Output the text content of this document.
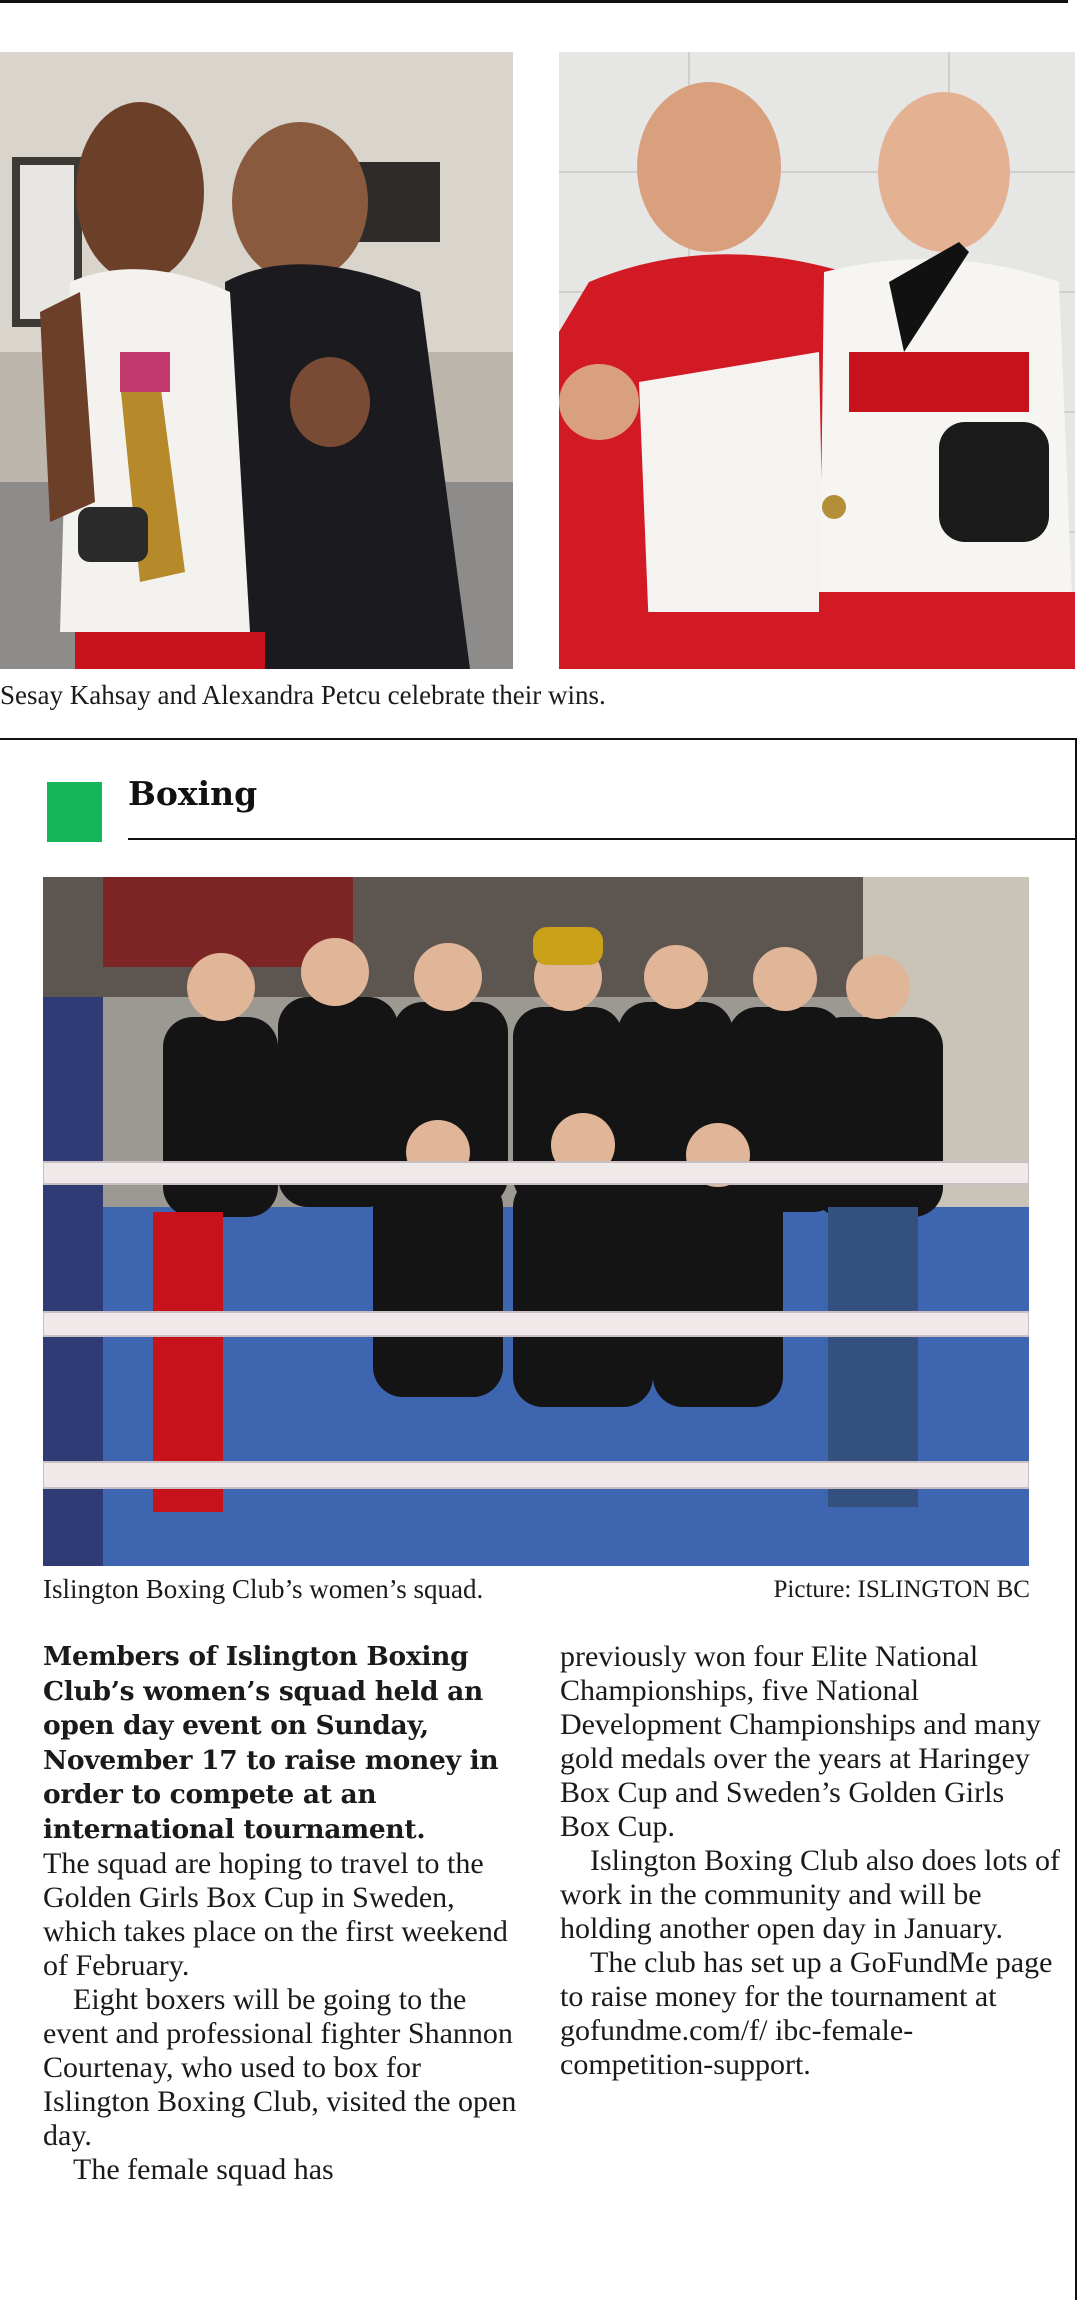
Sesay Kahsay and Alexandra Petcu celebrate their wins.
Boxing
Islington Boxing Club’s women’s squad.	Picture: ISLINGTON BC

Members of Islington Boxing Club’s women’s squad held an open day event on Sunday, November 17 to raise money in order to compete at an international tournament.

The squad are hoping to travel to the Golden Girls Box Cup in Sweden, which takes place on the first weekend of February.

Eight boxers will be going to the event and professional fighter Shannon Courtenay, who used to box for Islington Boxing Club, visited the open day.

The female squad has

previously won four Elite National Championships, five National Development Championships and many gold medals over the years at Haringey Box Cup and Sweden’s Golden Girls Box Cup.

Islington Boxing Club also does lots of work in the community and will be holding another open day in January.

The club has set up a GoFundMe page to raise money for the tournament at gofundme.com/f/ ibc-female-competition-support.
